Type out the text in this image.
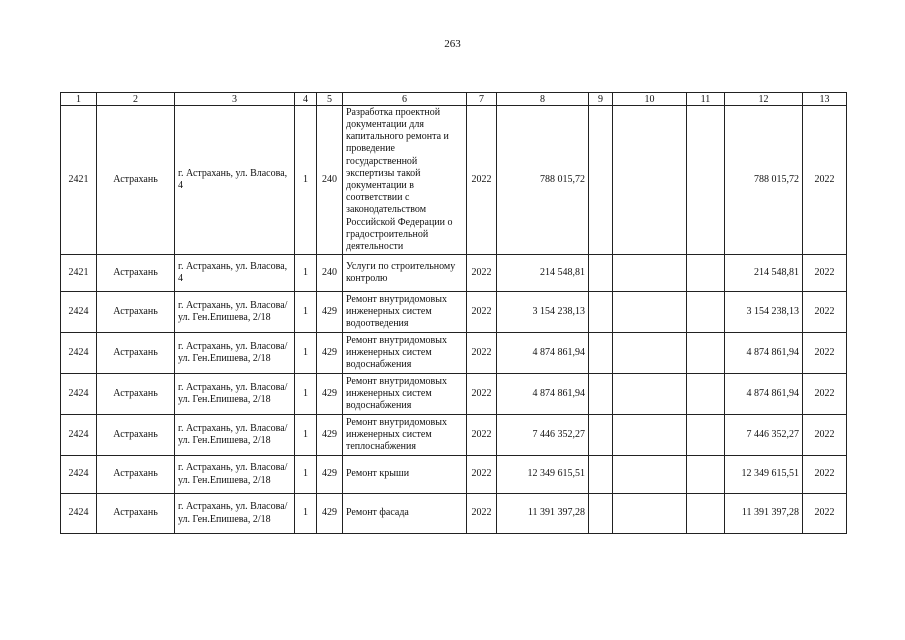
263
1	2	3	4	5	6	7	8	9	10	11	12	13
2421	Астрахань	г. Астрахань, ул. Власова, 4	1	240	Разработка проектной документации для капитального ремонта и проведение государственной экспертизы такой документации в соответствии с законодательством Российской Федерации о градостроительной деятельности	2022	788 015,72				788 015,72	2022
2421	Астрахань	г. Астрахань, ул. Власова, 4	1	240	Услуги по строительному контролю	2022	214 548,81				214 548,81	2022
2424	Астрахань	г. Астрахань, ул. Власова/ ул. Ген.Епишева, 2/18	1	429	Ремонт внутридомовых инженерных систем водоотведения	2022	3 154 238,13				3 154 238,13	2022
2424	Астрахань	г. Астрахань, ул. Власова/ ул. Ген.Епишева, 2/18	1	429	Ремонт внутридомовых инженерных систем водоснабжения	2022	4 874 861,94				4 874 861,94	2022
2424	Астрахань	г. Астрахань, ул. Власова/ ул. Ген.Епишева, 2/18	1	429	Ремонт внутридомовых инженерных систем водоснабжения	2022	4 874 861,94				4 874 861,94	2022
2424	Астрахань	г. Астрахань, ул. Власова/ ул. Ген.Епишева, 2/18	1	429	Ремонт внутридомовых инженерных систем теплоснабжения	2022	7 446 352,27				7 446 352,27	2022
2424	Астрахань	г. Астрахань, ул. Власова/ ул. Ген.Епишева, 2/18	1	429	Ремонт крыши	2022	12 349 615,51				12 349 615,51	2022
2424	Астрахань	г. Астрахань, ул. Власова/ ул. Ген.Епишева, 2/18	1	429	Ремонт фасада	2022	11 391 397,28				11 391 397,28	2022
